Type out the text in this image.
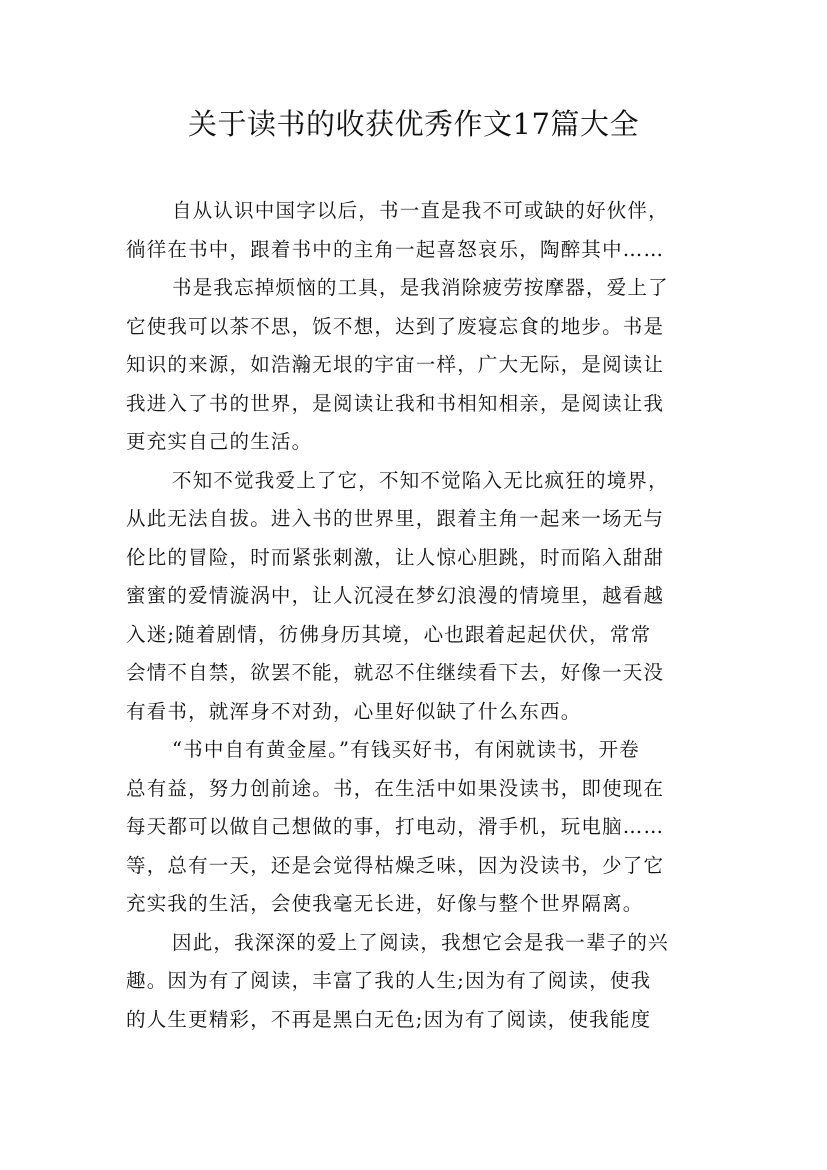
关于读书的收获优秀作文17篇大全
自从认识中国字以后，书一直是我不可或缺的好伙伴，
徜徉在书中，跟着书中的主角一起喜怒哀乐，陶醉其中……
书是我忘掉烦恼的工具，是我消除疲劳按摩器，爱上了
它使我可以茶不思，饭不想，达到了废寝忘食的地步。书是
知识的来源，如浩瀚无垠的宇宙一样，广大无际，是阅读让
我进入了书的世界，是阅读让我和书相知相亲，是阅读让我
更充实自己的生活。
不知不觉我爱上了它，不知不觉陷入无比疯狂的境界，
从此无法自拔。进入书的世界里，跟着主角一起来一场无与
伦比的冒险，时而紧张刺激，让人惊心胆跳，时而陷入甜甜
蜜蜜的爱情漩涡中，让人沉浸在梦幻浪漫的情境里，越看越
入迷;随着剧情，彷佛身历其境，心也跟着起起伏伏，常常
会情不自禁，欲罢不能，就忍不住继续看下去，好像一天没
有看书，就浑身不对劲，心里好似缺了什么东西。
“书中自有黄金屋。”有钱买好书，有闲就读书，开卷
总有益，努力创前途。书，在生活中如果没读书，即使现在
每天都可以做自己想做的事，打电动，滑手机，玩电脑……
等，总有一天，还是会觉得枯燥乏味，因为没读书，少了它
充实我的生活，会使我毫无长进，好像与整个世界隔离。
因此，我深深的爱上了阅读，我想它会是我一辈子的兴
趣。因为有了阅读，丰富了我的人生;因为有了阅读，使我
的人生更精彩，不再是黑白无色;因为有了阅读，使我能度
